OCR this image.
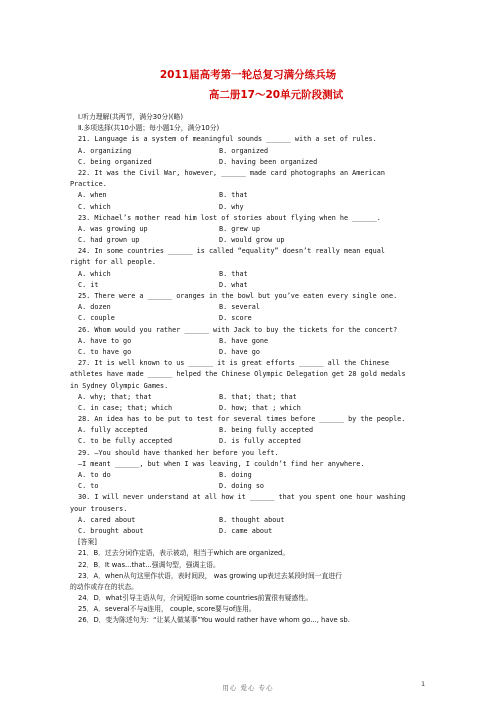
2011届高考第一轮总复习满分练兵场
高二册17～20单元阶段测试
Ⅰ.听力理解(共两节，满分30分)(略)
Ⅱ.多项选择(共10小题；每小题1分，满分10分)
21. Language is a system of meaningful sounds ______ with a set of rules.
A. organizing	B. organized
C. being organized	D. having been organized
22. It was the Civil War, however, ______ made card photographs an American
Practice.
A. when	B. that
C. which	D. why
23. Michael’s mother read him lost of stories about flying when he ______.
A. was growing up	B. grew up
C. had grown up	D. would grow up
24. In some countries ______ is called “equality” doesn’t really mean equal
right for all people.
A. which	B. that
C. it	D. what
25. There were a ______ oranges in the bowl but you’ve eaten every single one.
A. dozen	B. several
C. couple	D. score
26. Whom would you rather ______ with Jack to buy the tickets for the concert?
A. have to go	B. have gone
C. to have go	D. have go
27. It is well known to us ______ it is great efforts ______ all the Chinese
athletes have made ______ helped the Chinese Olympic Delegation get 28 gold medals
in Sydney Olympic Games.
A. why; that; that	B. that; that; that
C. in case; that; which	D. how; that ; which
28. An idea has to be put to test for several times before ______ by the people.
A. fully accepted	B. being fully accepted
C. to be fully accepted	D. is fully accepted
29. —You should have thanked her before you left.
—I meant ______, but when I was leaving, I couldn’t find her anywhere.
A. to do	B. doing
C. to	D. doing so
30. I will never understand at all how it ______ that you spent one hour washing
your trousers.
A. cared about	B. thought about
C. brought about	D. came about
[答案]
21．B．过去分词作定语，表示被动，相当于which are organized。
22．B．It was...that...强调句型，强调主语。
23．A．when从句这里作状语，表时间段， was growing up表过去某段时间一直进行
的动作或存在的状态。
24．D．what引导主语从句，介词短语In some countries前置很有疑惑性。
25．A．several不与a连用， couple, score要与of连用。
26．D．变为陈述句为：“让某人做某事”You would rather have whom go..., have sb.
用心 爱心 专心	1
